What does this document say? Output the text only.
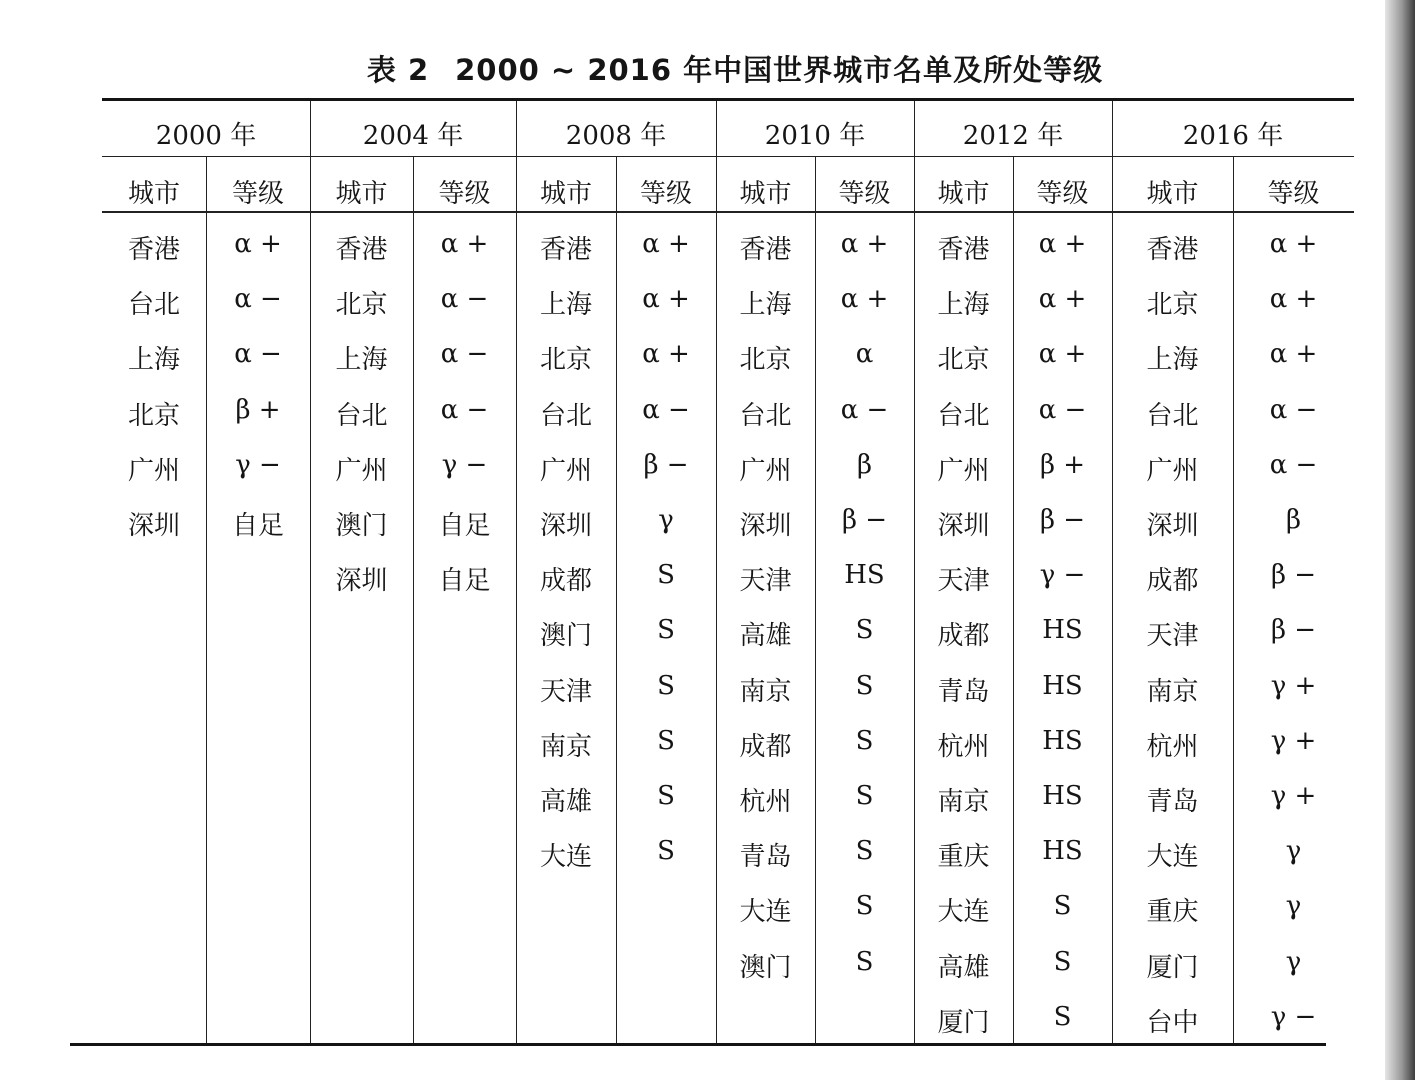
表 2 2000 ~ 2016 年中国世界城市名单及所处等级
2000 年
城市	等级
香港	α +
台北	α −
上海	α −
北京	β +
广州	γ −
深圳	自足
2004 年
城市	等级
香港	α +
北京	α −
上海	α −
台北	α −
广州	γ −
澳门	自足
深圳	自足
2008 年
城市	等级
香港	α +
上海	α +
北京	α +
台北	α −
广州	β −
深圳	γ
成都	S
澳门	S
天津	S
南京	S
高雄	S
大连	S
2010 年
城市	等级
香港	α +
上海	α +
北京	α
台北	α −
广州	β
深圳	β −
天津	HS
高雄	S
南京	S
成都	S
杭州	S
青岛	S
大连	S
澳门	S
2012 年
城市	等级
香港	α +
上海	α +
北京	α +
台北	α −
广州	β +
深圳	β −
天津	γ −
成都	HS
青岛	HS
杭州	HS
南京	HS
重庆	HS
大连	S
高雄	S
厦门	S
2016 年
城市	等级
香港	α +
北京	α +
上海	α +
台北	α −
广州	α −
深圳	β
成都	β −
天津	β −
南京	γ +
杭州	γ +
青岛	γ +
大连	γ
重庆	γ
厦门	γ
台中	γ −
